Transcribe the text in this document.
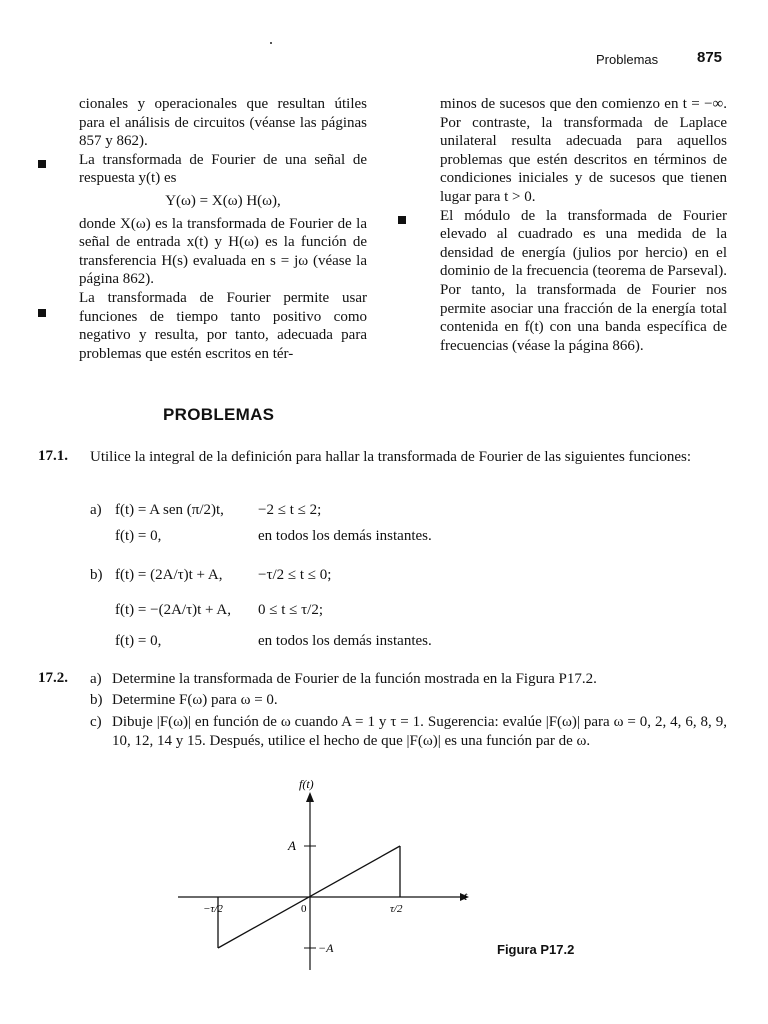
Problemas	875

cionales y operacionales que resultan útiles para el análisis de circuitos (véanse las páginas 857 y 862).

La transformada de Fourier de una señal de respuesta y(t) es

Y(ω) = X(ω) H(ω),

donde X(ω) es la transformada de Fourier de la señal de entrada x(t) y H(ω) es la función de transferencia H(s) evaluada en s = jω (véase la página 862).

La transformada de Fourier permite usar funciones de tiempo tanto positivo como negativo y resulta, por tanto, adecuada para problemas que estén escritos en tér-

minos de sucesos que den comienzo en t = −∞. Por contraste, la transformada de Laplace unilateral resulta adecuada para aquellos problemas que estén descritos en términos de condiciones iniciales y de sucesos que tienen lugar para t > 0.

El módulo de la transformada de Fourier elevado al cuadrado es una medida de la densidad de energía (julios por hercio) en el dominio de la frecuencia (teorema de Parseval). Por tanto, la transformada de Fourier nos permite asociar una fracción de la energía total contenida en f(t) con una banda específica de frecuencias (véase la página 866).

PROBLEMAS
17.1. Utilice la integral de la definición para hallar la transformada de Fourier de las siguientes funciones:
a) f(t) = A sen (π/2)t, −2 ≤ t ≤ 2;
f(t) = 0,	en todos los demás instantes.
b) f(t) = (2A/τ)t + A, −τ/2 ≤ t ≤ 0;
f(t) = −(2A/τ)t + A, 0 ≤ t ≤ τ/2;
f(t) = 0,	en todos los demás instantes.
17.2. a) Determine la transformada de Fourier de la función mostrada en la Figura P17.2.
b) Determine F(ω) para ω = 0.
c) Dibuje |F(ω)| en función de ω cuando A = 1 y τ = 1. Sugerencia: evalúe |F(ω)| para ω = 0, 2, 4, 6, 8, 9, 10, 12, 14 y 15. Después, utilice el hecho de que |F(ω)| es una función par de ω.
f(t)
t
A
−A
−τ/2	0	τ/2
Figura P17.2
